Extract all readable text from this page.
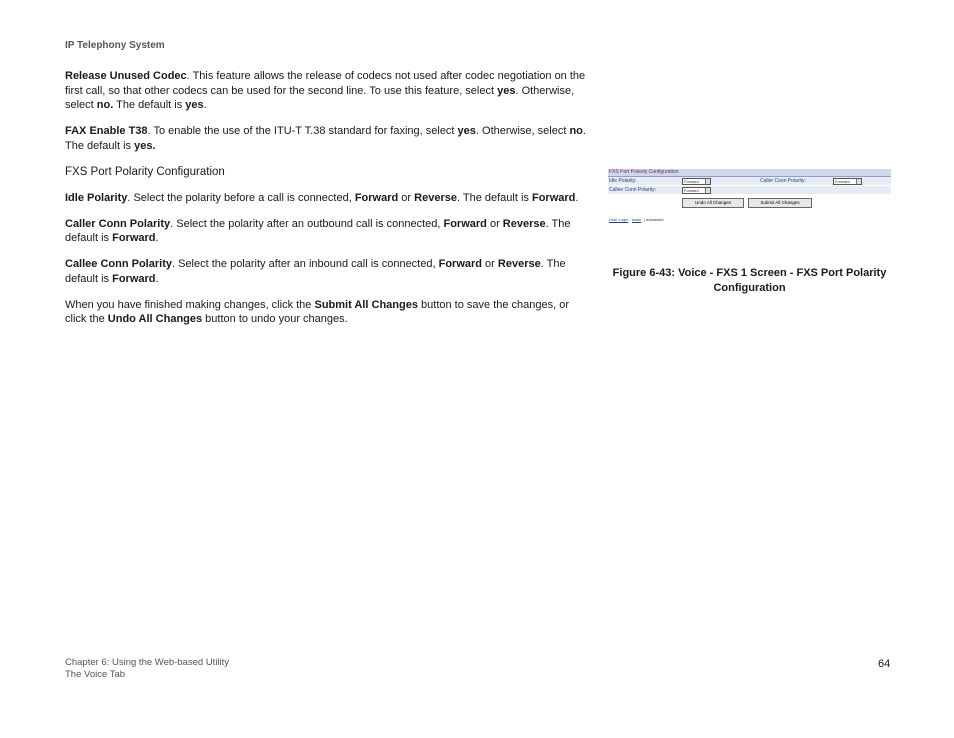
IP Telephony System

Release Unused Codec. This feature allows the release of codecs not used after codec negotiation on the first call, so that other codecs can be used for the second line. To use this feature, select yes. Otherwise, select no. The default is yes.

FAX Enable T38. To enable the use of the ITU-T T.38 standard for faxing, select yes. Otherwise, select no. The default is yes.

FXS Port Polarity Configuration

Idle Polarity. Select the polarity before a call is connected, Forward or Reverse. The default is Forward.

Caller Conn Polarity. Select the polarity after an outbound call is connected, Forward or Reverse. The default is Forward.

Callee Conn Polarity. Select the polarity after an inbound call is connected, Forward or Reverse. The default is Forward.

When you have finished making changes, click the Submit All Changes button to save the changes, or click the Undo All Changes button to undo your changes.

FXS Port Polarity Configuration
Idle Polarity:	Forward	Caller Conn Polarity:	Forward
Callee Conn Polarity:	Forward
Undo All Changes	Submit All Changes
User Login basic | advanced
Figure 6-43: Voice - FXS 1 Screen - FXS Port Polarity
Configuration
Chapter 6: Using the Web-based Utility
The Voice Tab
64
